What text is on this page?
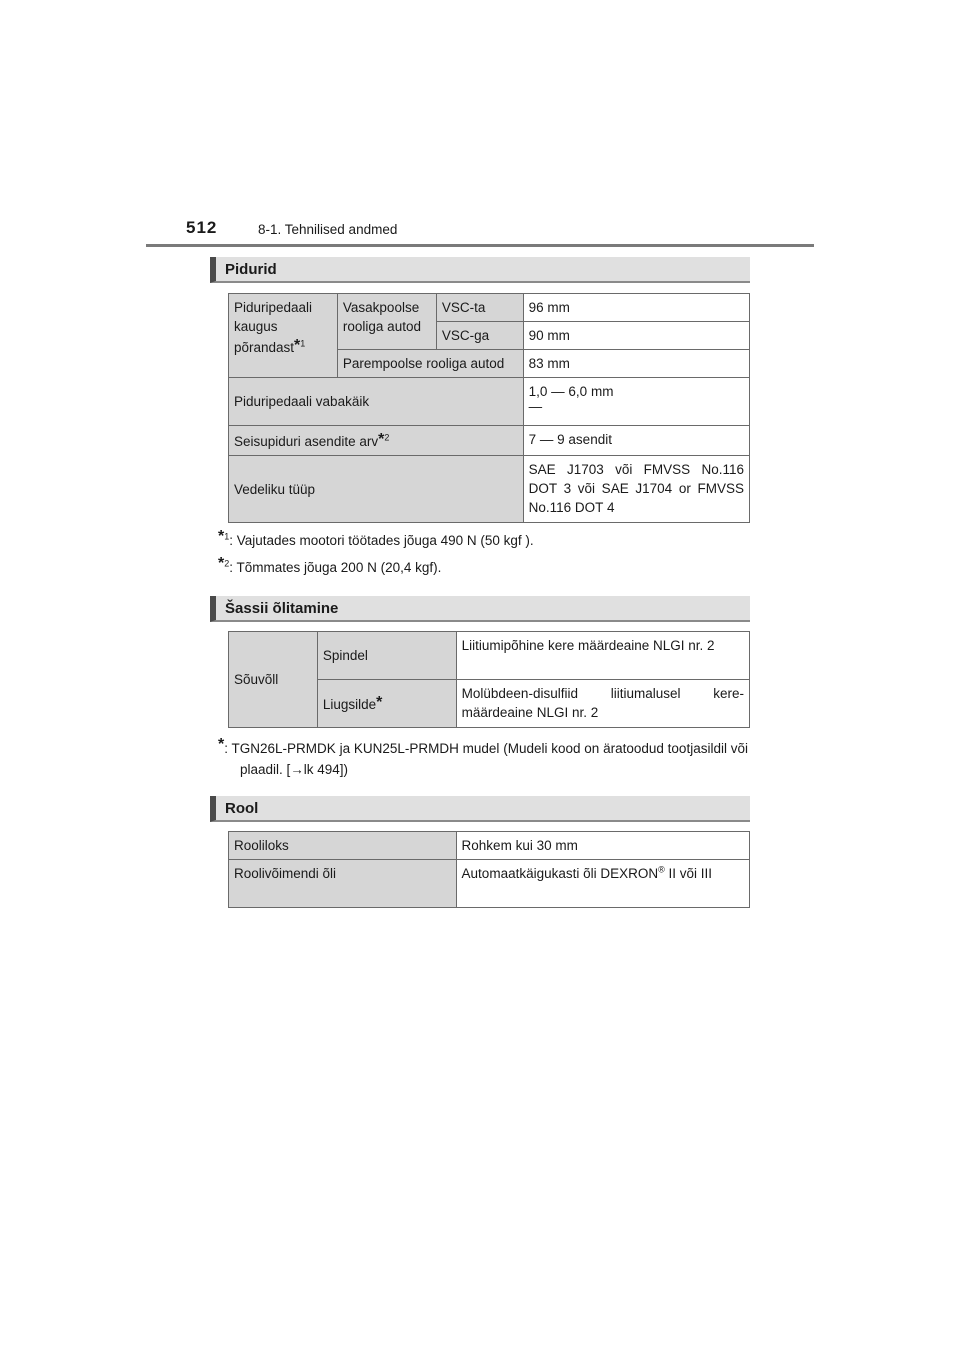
512	8-1. Tehnilised andmed
Pidurid
Piduripedaali kaugus põrandast*$^1$	Vasakpoolse rooliga autod	VSC-ta	96 mm
		VSC-ga	90 mm
	Parempoolse rooliga autod		83 mm
Piduripedaali vabakäik			1,0 — 6,0 mm
—

Seisupiduri asendite arv*$^2$			7 — 9 asendit
Vedeliku tüüp			SAE J1703 või FMVSS No.116 DOT 3 või SAE J1704 or FMVSS No.116 DOT 4
*$^1$: Vajutades mootori töötades jõuga 490 N (50 kgf ).
*$^2$: Tõmmates jõuga 200 N (20,4 kgf).
Šassii õlitamine
Sõuvõll	Spindel	Liitiumipõhine kere määrdeaine NLGI nr. 2
	Liugsilde*	Molübdeen-disulfiid liitiumalusel kere-määrdeaine NLGI nr. 2
*: TGN26L-PRMDK ja KUN25L-PRMDH mudel (Mudeli kood on äratoodud tootjasildil või plaadil. [→lk 494])
Rool
Rooliloks	Rohkem kui 30 mm
Roolivõimendi õli	Automaatkäigukasti õli DEXRON® II või III
